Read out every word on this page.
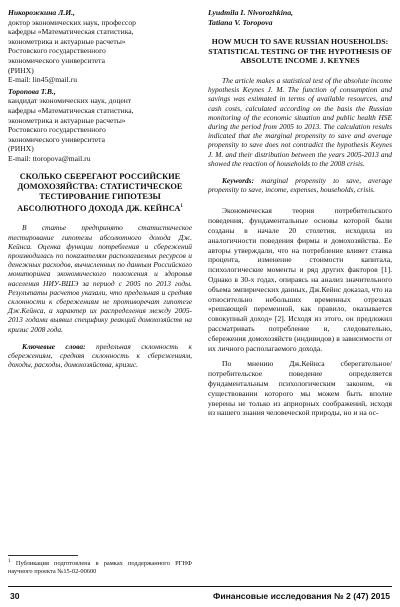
Никорожкина Л.И.,
доктор экономических наук, профессор
кафедры «Математическая статистика,
эконометрика и актуарные расчеты»
Ростовского государственного
экономического университета
(РИНХ)
E-mail: lin45@mail.ru
Торопова Т.В.,
кандидат экономических наук, доцент
кафедры «Математическая статистика,
эконометрика и актуарные расчеты»
Ростовского государственного
экономического университета
(РИНХ)
E-mail: ttoropova@mail.ru
СКОЛЬКО СБЕРЕГАЮТ РОССИЙСКИЕ ДОМОХОЗЯЙСТВА: СТАТИСТИЧЕСКОЕ ТЕСТИРОВАНИЕ ГИПОТЕЗЫ АБСОЛЮТНОГО ДОХОДА ДЖ. КЕЙНСА$^1$
В статье предпринято статистическое тестирование гипотезы абсолютного дохода Дж. Кейнса. Оценка функции потребления и сбережений производилась по показателям располагаемых ресурсов и денежных расходов, вычисленных по данным Российского мониторинга экономического положения и здоровья населения НИУ-ВШЭ за период с 2005 по 2013 годы. Результаты расчетов указали, что предельная и средняя склонности к сбережениям не противоречат гипотезе Дж.Кейнса, а характер их распределения между 2005-2013 годами выявил специфику реакций домохозяйств на кризис 2008 года.
Ключевые слова: предельная склонность к сбережениям, средняя склонность к сбережениям, доходы, расходы, домохозяйства, кризис.
$^1$ Публикация подготовлена в рамках поддержанного РГНФ научного проекта №15-02-00600
Lyudmila I. Nivorozhkina,
Tatiana V. Toropova
HOW MUCH TO SAVE RUSSIAN HOUSEHOLDS: STATISTICAL TESTING OF THE HYPOTHESIS OF ABSOLUTE INCOME J. KEYNES
The article makes a statistical test of the absolute income hypothesis Keynes J. M. The function of consumption and savings was estimated in terms of available resources, and cash costs, calculated according on the basis the Russian monitoring of the economic situation and public health HSE during the period from 2005 to 2013. The calculation results indicated that the marginal propensity to save and average propensity to save does not contradict the hypothesis Keynes J. M. and their distribution between the years 2005-2013 and showed the reaction of households to the 2008 crisis.
Keywords: marginal propensity to save, average propensity to save, income, expenses, households, crisis.
Экономическая теория потребительского поведения, фундаментальные основы которой были созданы в начале 20 столетия, исходила из аналогичности поведения фирмы и домохозяйства. Ее авторы утверждали, что на потребление влияет ставка процента, изменение стоимости капитала, психологические моменты и ряд других факторов [1]. Однако в 30-х годах, опираясь на анализ значительного объема эмпирических данных, Дж.Кейнс доказал, что на относительно небольших временных отрезках «решающей переменной, как правило, оказывается совокупный доход» [2]. Исходя из этого, он предложил рассматривать потребление и, следовательно, сбережения домохозяйств (индивидов) в зависимости от их личного располагаемого дохода.
По мнению Дж.Кейнса сберегательное/потребительское поведение определяется фундаментальным психологическим законом, «в существовании которого мы можем быть вполне уверены не только из априорных соображений, исходя из нашего знания человеческой природы, но и на ос-
30	Финансовые исследования № 2 (47) 2015
